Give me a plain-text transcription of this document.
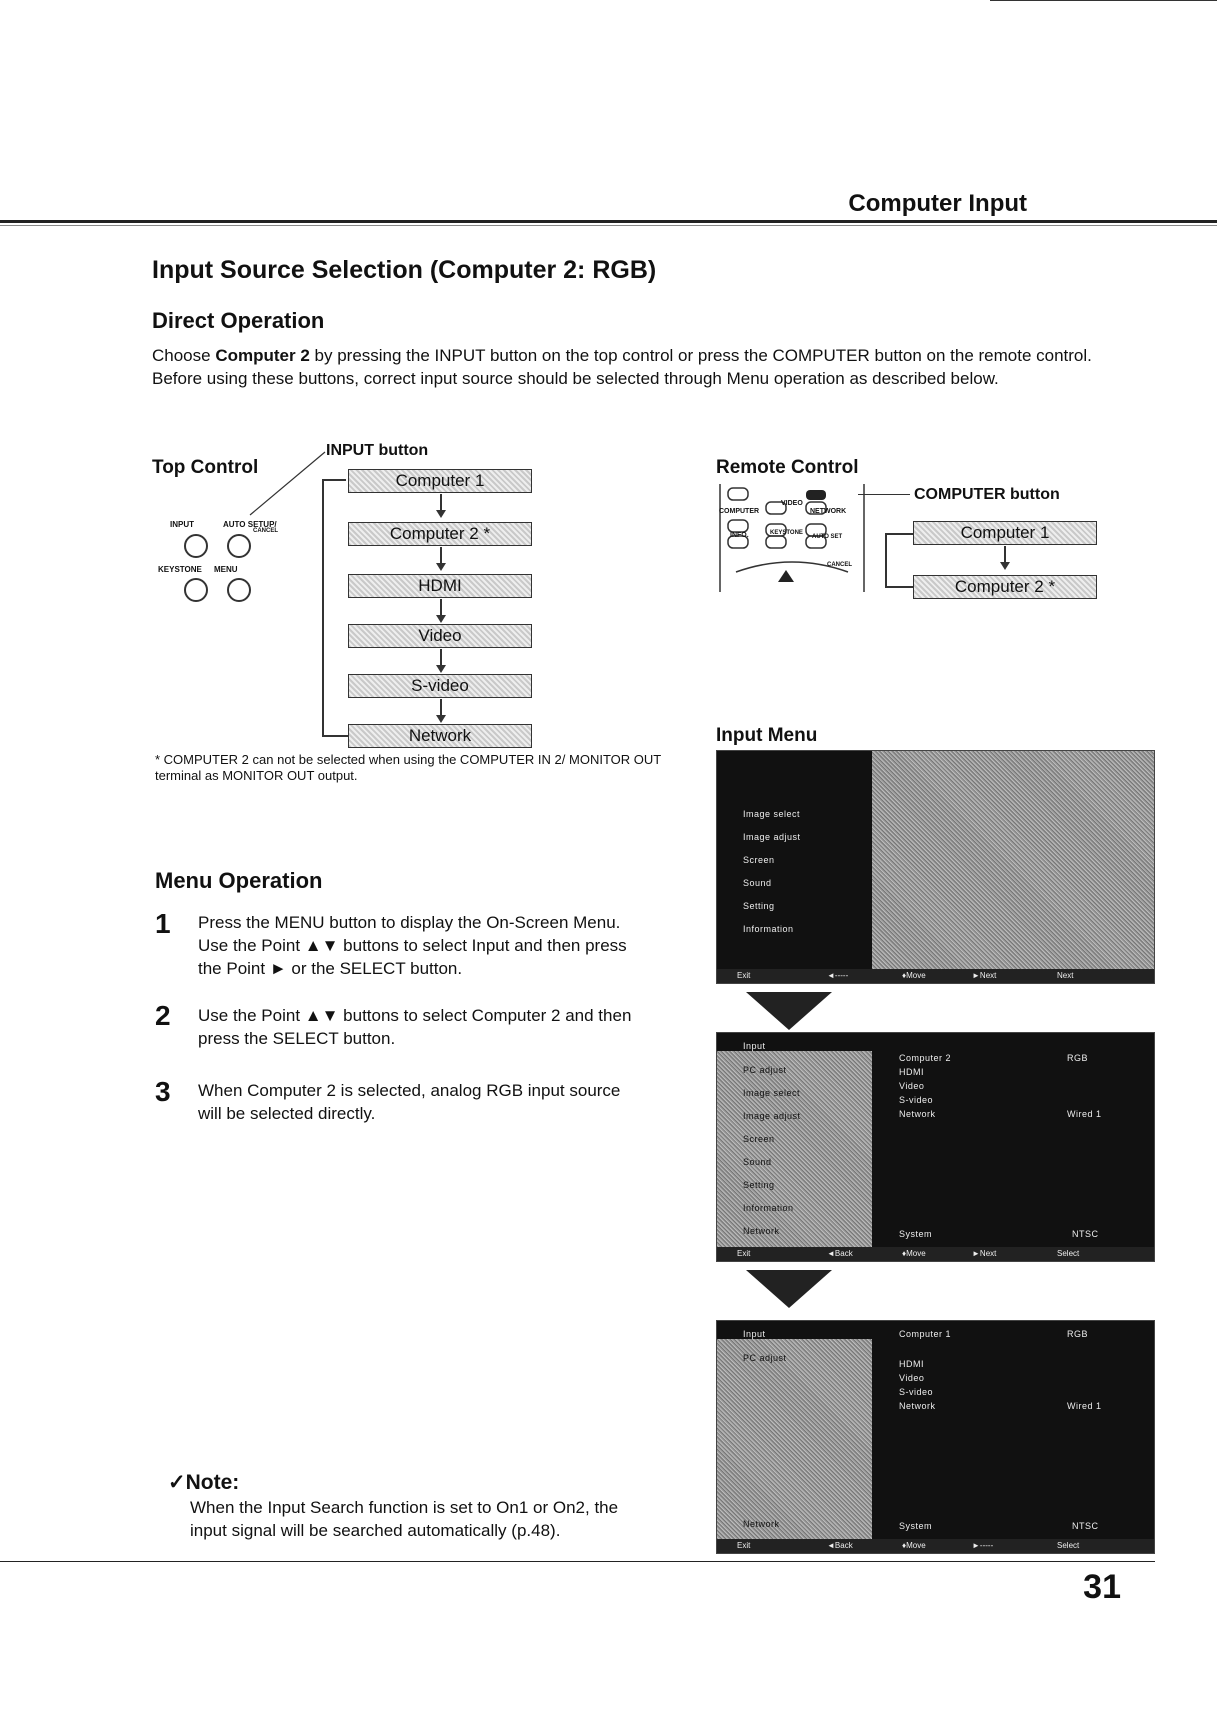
Computer Input
Input Source Selection (Computer 2: RGB)
Direct Operation
Choose Computer 2 by pressing the INPUT button on the top control or press the COMPUTER button on the remote control.
Before using these buttons, correct input source should be selected through Menu operation as described below.
Top Control
INPUT button
INPUT	AUTO SETUP/
CANCEL
KEYSTONE MENU
Computer 1
Computer 2 *
HDMI
Video
S-video
Network
* COMPUTER 2 can not be selected when using the COMPUTER IN 2/ MONITOR OUT terminal as MONITOR OUT output.
Remote Control
COMPUTER
VIDEO
NETWORK
INFO.	KEYSTONE
AUTO SET
CANCEL
COMPUTER button
Computer 1
Computer 2 *
Menu Operation
1 Press the MENU button to display the On-Screen Menu. Use the Point ▲▼ buttons to select Input and then press the Point ► or the SELECT button.
2 Use the Point ▲▼ buttons to select Computer 2 and then press the SELECT button.
3 When Computer 2 is selected, analog RGB input source will be selected directly.
Input Menu
Image select
Image adjust
Screen
Sound
Setting
Information
Exit	◄-----	♦Move	►Next	Next
Input
PC adjust
Image select
Image adjust
Screen
Sound
Setting
Information
Network
Computer 2
HDMI
Video
S-video
Network
RGB
Wired 1
System	NTSC
Exit	◄Back	♦Move	►Next	Select
Input
PC adjust
Network
Computer 1
HDMI
Video
S-video
Network
RGB
Wired 1
System	NTSC
Exit	◄Back	♦Move	►-----	Select
✓Note:
When the Input Search function is set to On1 or On2, the input signal will be searched automatically (p.48).
31
